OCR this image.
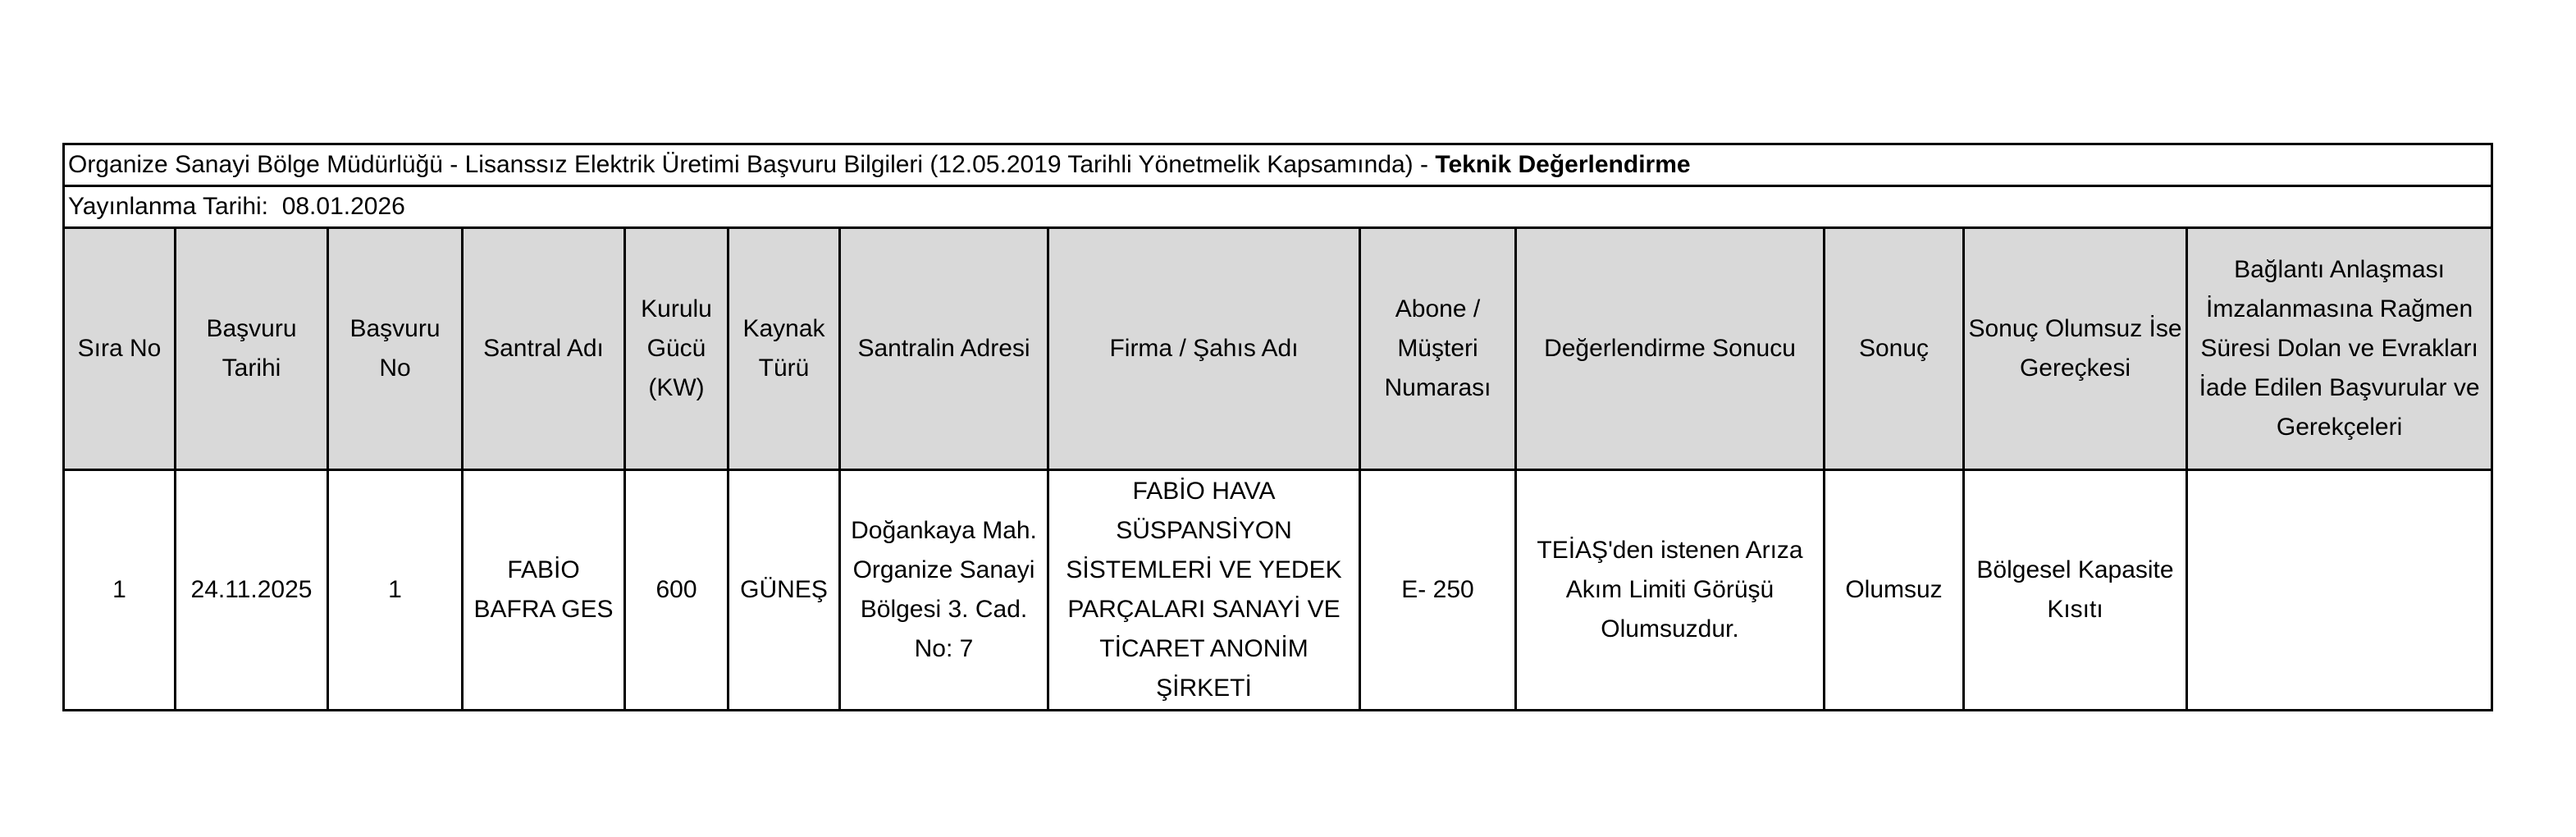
Organize Sanayi Bölge Müdürlüğü - Lisanssız Elektrik Üretimi Başvuru Bilgileri (12.05.2019 Tarihli Yönetmelik Kapsamında) - Teknik Değerlendirme												
Yayınlanma Tarihi: 08.01.2026												
Sıra No	Başvuru Tarihi	Başvuru No	Santral Adı	Kurulu Gücü (KW)	Kaynak Türü	Santralin Adresi	Firma / Şahıs Adı	Abone / Müşteri Numarası	Değerlendirme Sonucu	Sonuç	Sonuç Olumsuz İse Gereçkesi	Bağlantı Anlaşması İmzalanmasına Rağmen Süresi Dolan ve Evrakları İade Edilen Başvurular ve Gerekçeleri
1	24.11.2025	1	FABİO BAFRA GES	600	GÜNEŞ	Doğankaya Mah. Organize Sanayi Bölgesi 3. Cad. No: 7	FABİO HAVA SÜSPANSİYON SİSTEMLERİ VE YEDEK PARÇALARI SANAYİ VE TİCARET ANONİM ŞİRKETİ	E- 250	TEİAŞ'den istenen Arıza Akım Limiti Görüşü Olumsuzdur.	Olumsuz	Bölgesel Kapasite Kısıtı	
